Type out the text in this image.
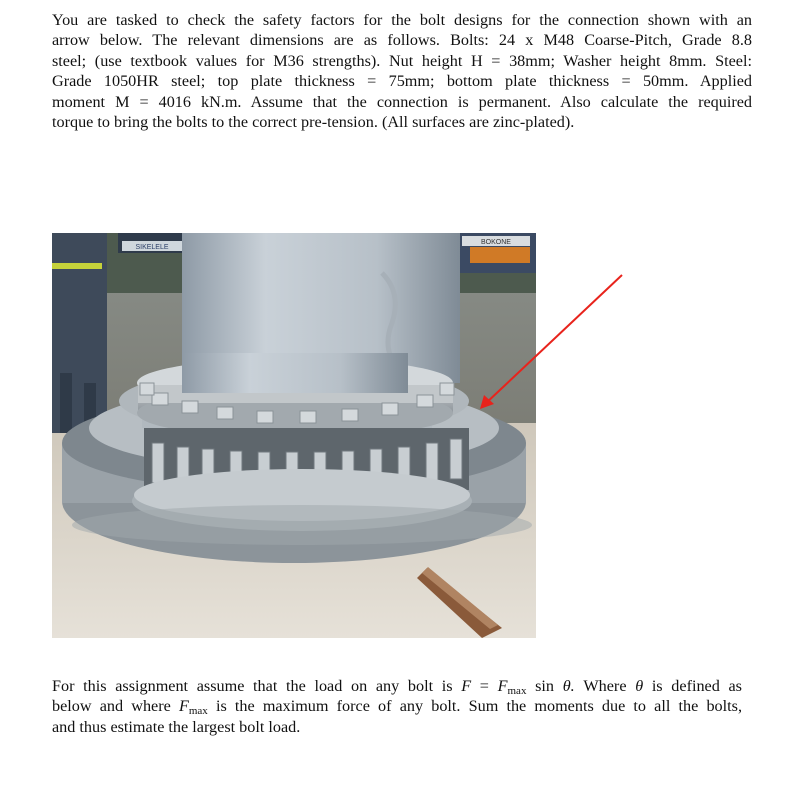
You are tasked to check the safety factors for the bolt designs for the connection shown with an
arrow below. The relevant dimensions are as follows. Bolts: 24 x M48 Coarse-Pitch, Grade 8.8
steel; (use textbook values for M36 strengths). Nut height H = 38mm; Washer height 8mm. Steel:
Grade 1050HR steel; top plate thickness = 75mm; bottom plate thickness = 50mm. Applied
moment M = 4016 kN.m. Assume that the connection is permanent. Also calculate the required
torque to bring the bolts to the correct pre-tension. (All surfaces are zinc-plated).
BOKONE
SIKELELE
For this assignment assume that the load on any bolt is $F = F_{max}$ sin θ. Where θ is defined as
below and where $F_{max}$ is the maximum force of any bolt. Sum the moments due to all the bolts,
and thus estimate the largest bolt load.
